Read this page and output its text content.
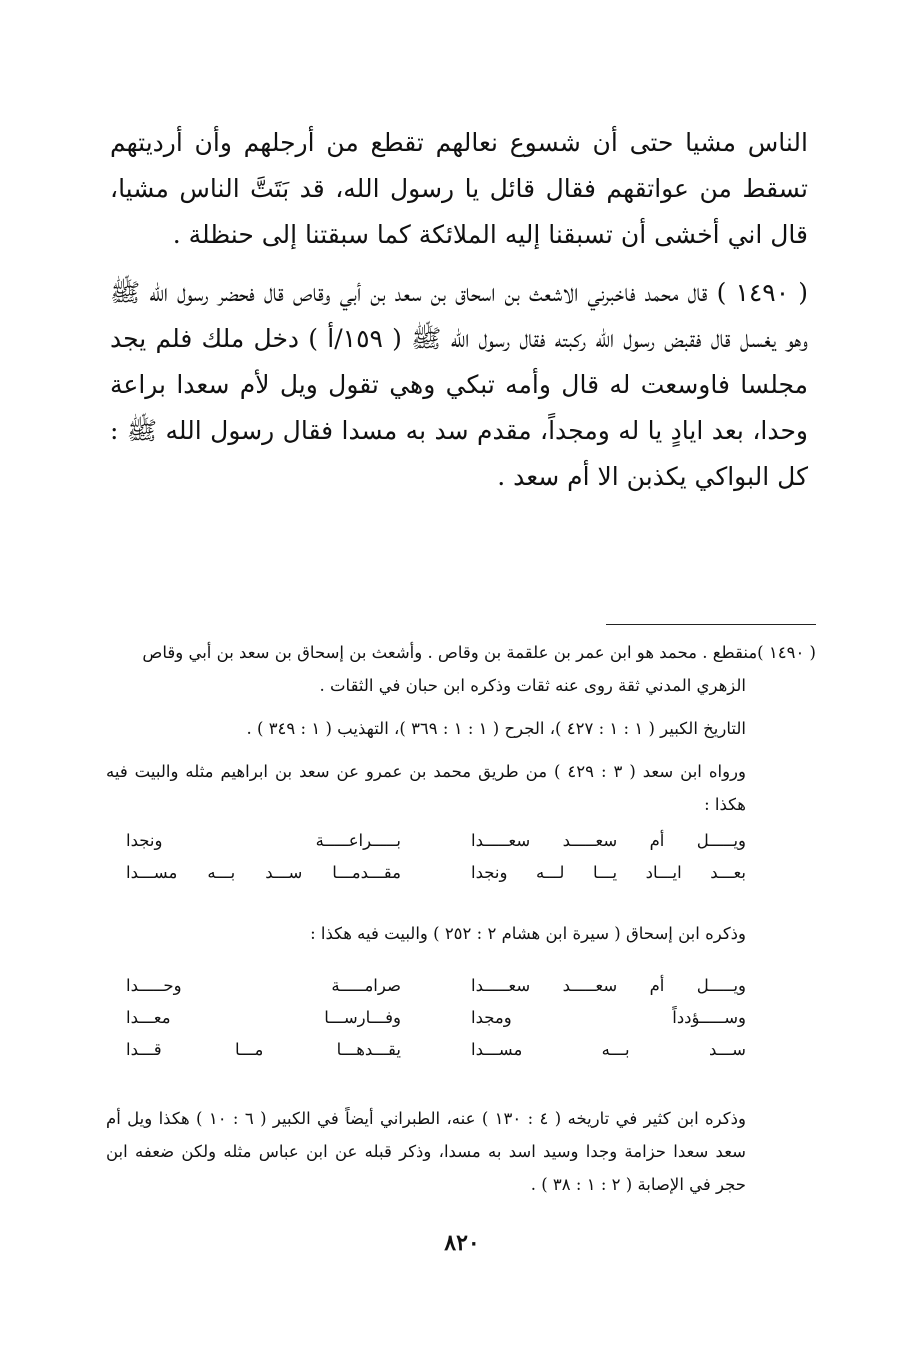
الناس مشيا حتى أن شسوع نعالهم تقطع من أرجلهم وأن أرديتهم تسقط من عواتقهم فقال قائل يا رسول الله، قد بَتَتَّ الناس مشيا، قال اني أخشى أن تسبقنا إليه الملائكة كما سبقتنا إلى حنظلة .

( ١٤٩٠ ) قال محمد فاخبرني الاشعث بن اسحاق بن سعد بن أبي وقاص قال فحضر رسول الله ﷺ وهو يغسل قال فقبض رسول الله ركبته فقال رسول الله ﷺ ( ١٥٩/أ ) دخل ملك فلم يجد مجلسا فاوسعت له قال وأمه تبكي وهي تقول ويل لأم سعدا براعة وحدا، بعد ايادٍ يا له ومجداً، مقدم سد به مسدا فقال رسول الله ﷺ : كل البواكي يكذبن الا أم سعد .

( ١٤٩٠ )منقطع . محمد هو ابن عمر بن علقمة بن وقاص . وأشعث بن إسحاق بن سعد بن أبي وقاص

الزهري المدني ثقة روى عنه ثقات وذكره ابن حبان في الثقات .

التاريخ الكبير ( ١ : ١ : ٤٢٧ )، الجرح ( ١ : ١ : ٣٦٩ )، التهذيب ( ١ : ٣٤٩ ) .

ورواه ابن سعد ( ٣ : ٤٢٩ ) من طريق محمد بن عمرو عن سعد بن ابراهيم مثله والبيت فيه هكذا :

ويـــــل أم سعـــــد سعـــــدا
بـــــراعـــــة ونجدا
بعـــد ايـــاد يـــا لـــه ونجدا
مقـــدمـــا ســـد بـــه مســـدا

وذكره ابن إسحاق ( سيرة ابن هشام ٢ : ٢٥٢ ) والبيت فيه هكذا :

ويـــــل أم سعـــــد سعـــــدا
صرامـــــة وحـــــدا
وســـــؤدداً ومجدا
وفـــارســـا معـــدا
ســـد بـــه مســـدا
يقـــدهـــا مـــا قـــدا

وذكره ابن كثير في تاريخه ( ٤ : ١٣٠ ) عنه، الطبراني أيضاً في الكبير ( ٦ : ١٠ ) هكذا ويل أم سعد سعدا حزامة وجدا وسيد اسد به مسدا، وذكر قبله عن ابن عباس مثله ولكن ضعفه ابن حجر في الإصابة ( ٢ : ١ : ٣٨ ) .

٨٢٠
